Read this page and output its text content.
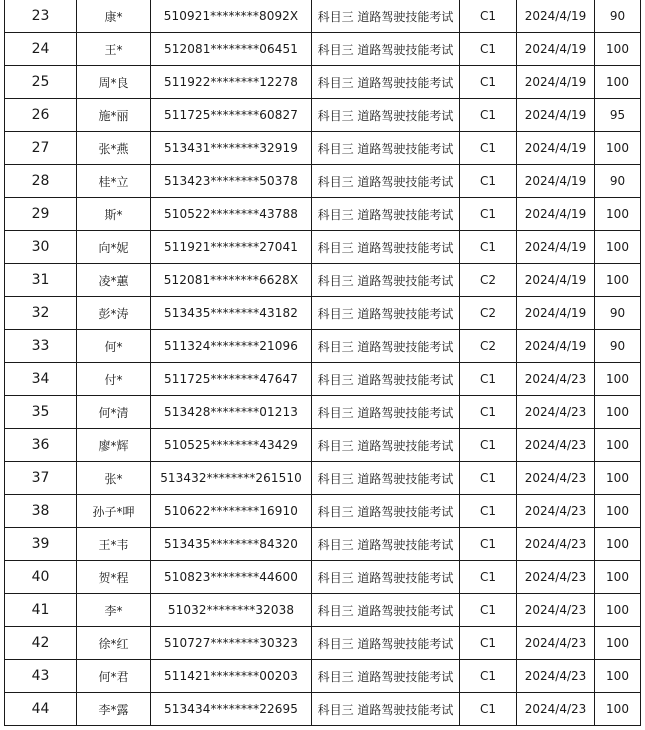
23	康*	510921********8092X	科目三 道路驾驶技能考试	C1	2024/4/19	90
24	王*	512081********06451	科目三 道路驾驶技能考试	C1	2024/4/19	100
25	周*良	511922********12278	科目三 道路驾驶技能考试	C1	2024/4/19	100
26	施*丽	511725********60827	科目三 道路驾驶技能考试	C1	2024/4/19	95
27	张*燕	513431********32919	科目三 道路驾驶技能考试	C1	2024/4/19	100
28	桂*立	513423********50378	科目三 道路驾驶技能考试	C1	2024/4/19	90
29	斯*	510522********43788	科目三 道路驾驶技能考试	C1	2024/4/19	100
30	向*妮	511921********27041	科目三 道路驾驶技能考试	C1	2024/4/19	100
31	凌*蕙	512081********6628X	科目三 道路驾驶技能考试	C2	2024/4/19	100
32	彭*涛	513435********43182	科目三 道路驾驶技能考试	C2	2024/4/19	90
33	何*	511324********21096	科目三 道路驾驶技能考试	C2	2024/4/19	90
34	付*	511725********47647	科目三 道路驾驶技能考试	C1	2024/4/23	100
35	何*清	513428********01213	科目三 道路驾驶技能考试	C1	2024/4/23	100
36	廖*辉	510525********43429	科目三 道路驾驶技能考试	C1	2024/4/23	100
37	张*	513432********261510	科目三 道路驾驶技能考试	C1	2024/4/23	100
38	孙子*呷	510622********16910	科目三 道路驾驶技能考试	C1	2024/4/23	100
39	王*韦	513435********84320	科目三 道路驾驶技能考试	C1	2024/4/23	100
40	贺*程	510823********44600	科目三 道路驾驶技能考试	C1	2024/4/23	100
41	李*	51032********32038	科目三 道路驾驶技能考试	C1	2024/4/23	100
42	徐*红	510727********30323	科目三 道路驾驶技能考试	C1	2024/4/23	100
43	何*君	511421********00203	科目三 道路驾驶技能考试	C1	2024/4/23	100
44	李*露	513434********22695	科目三 道路驾驶技能考试	C1	2024/4/23	100
